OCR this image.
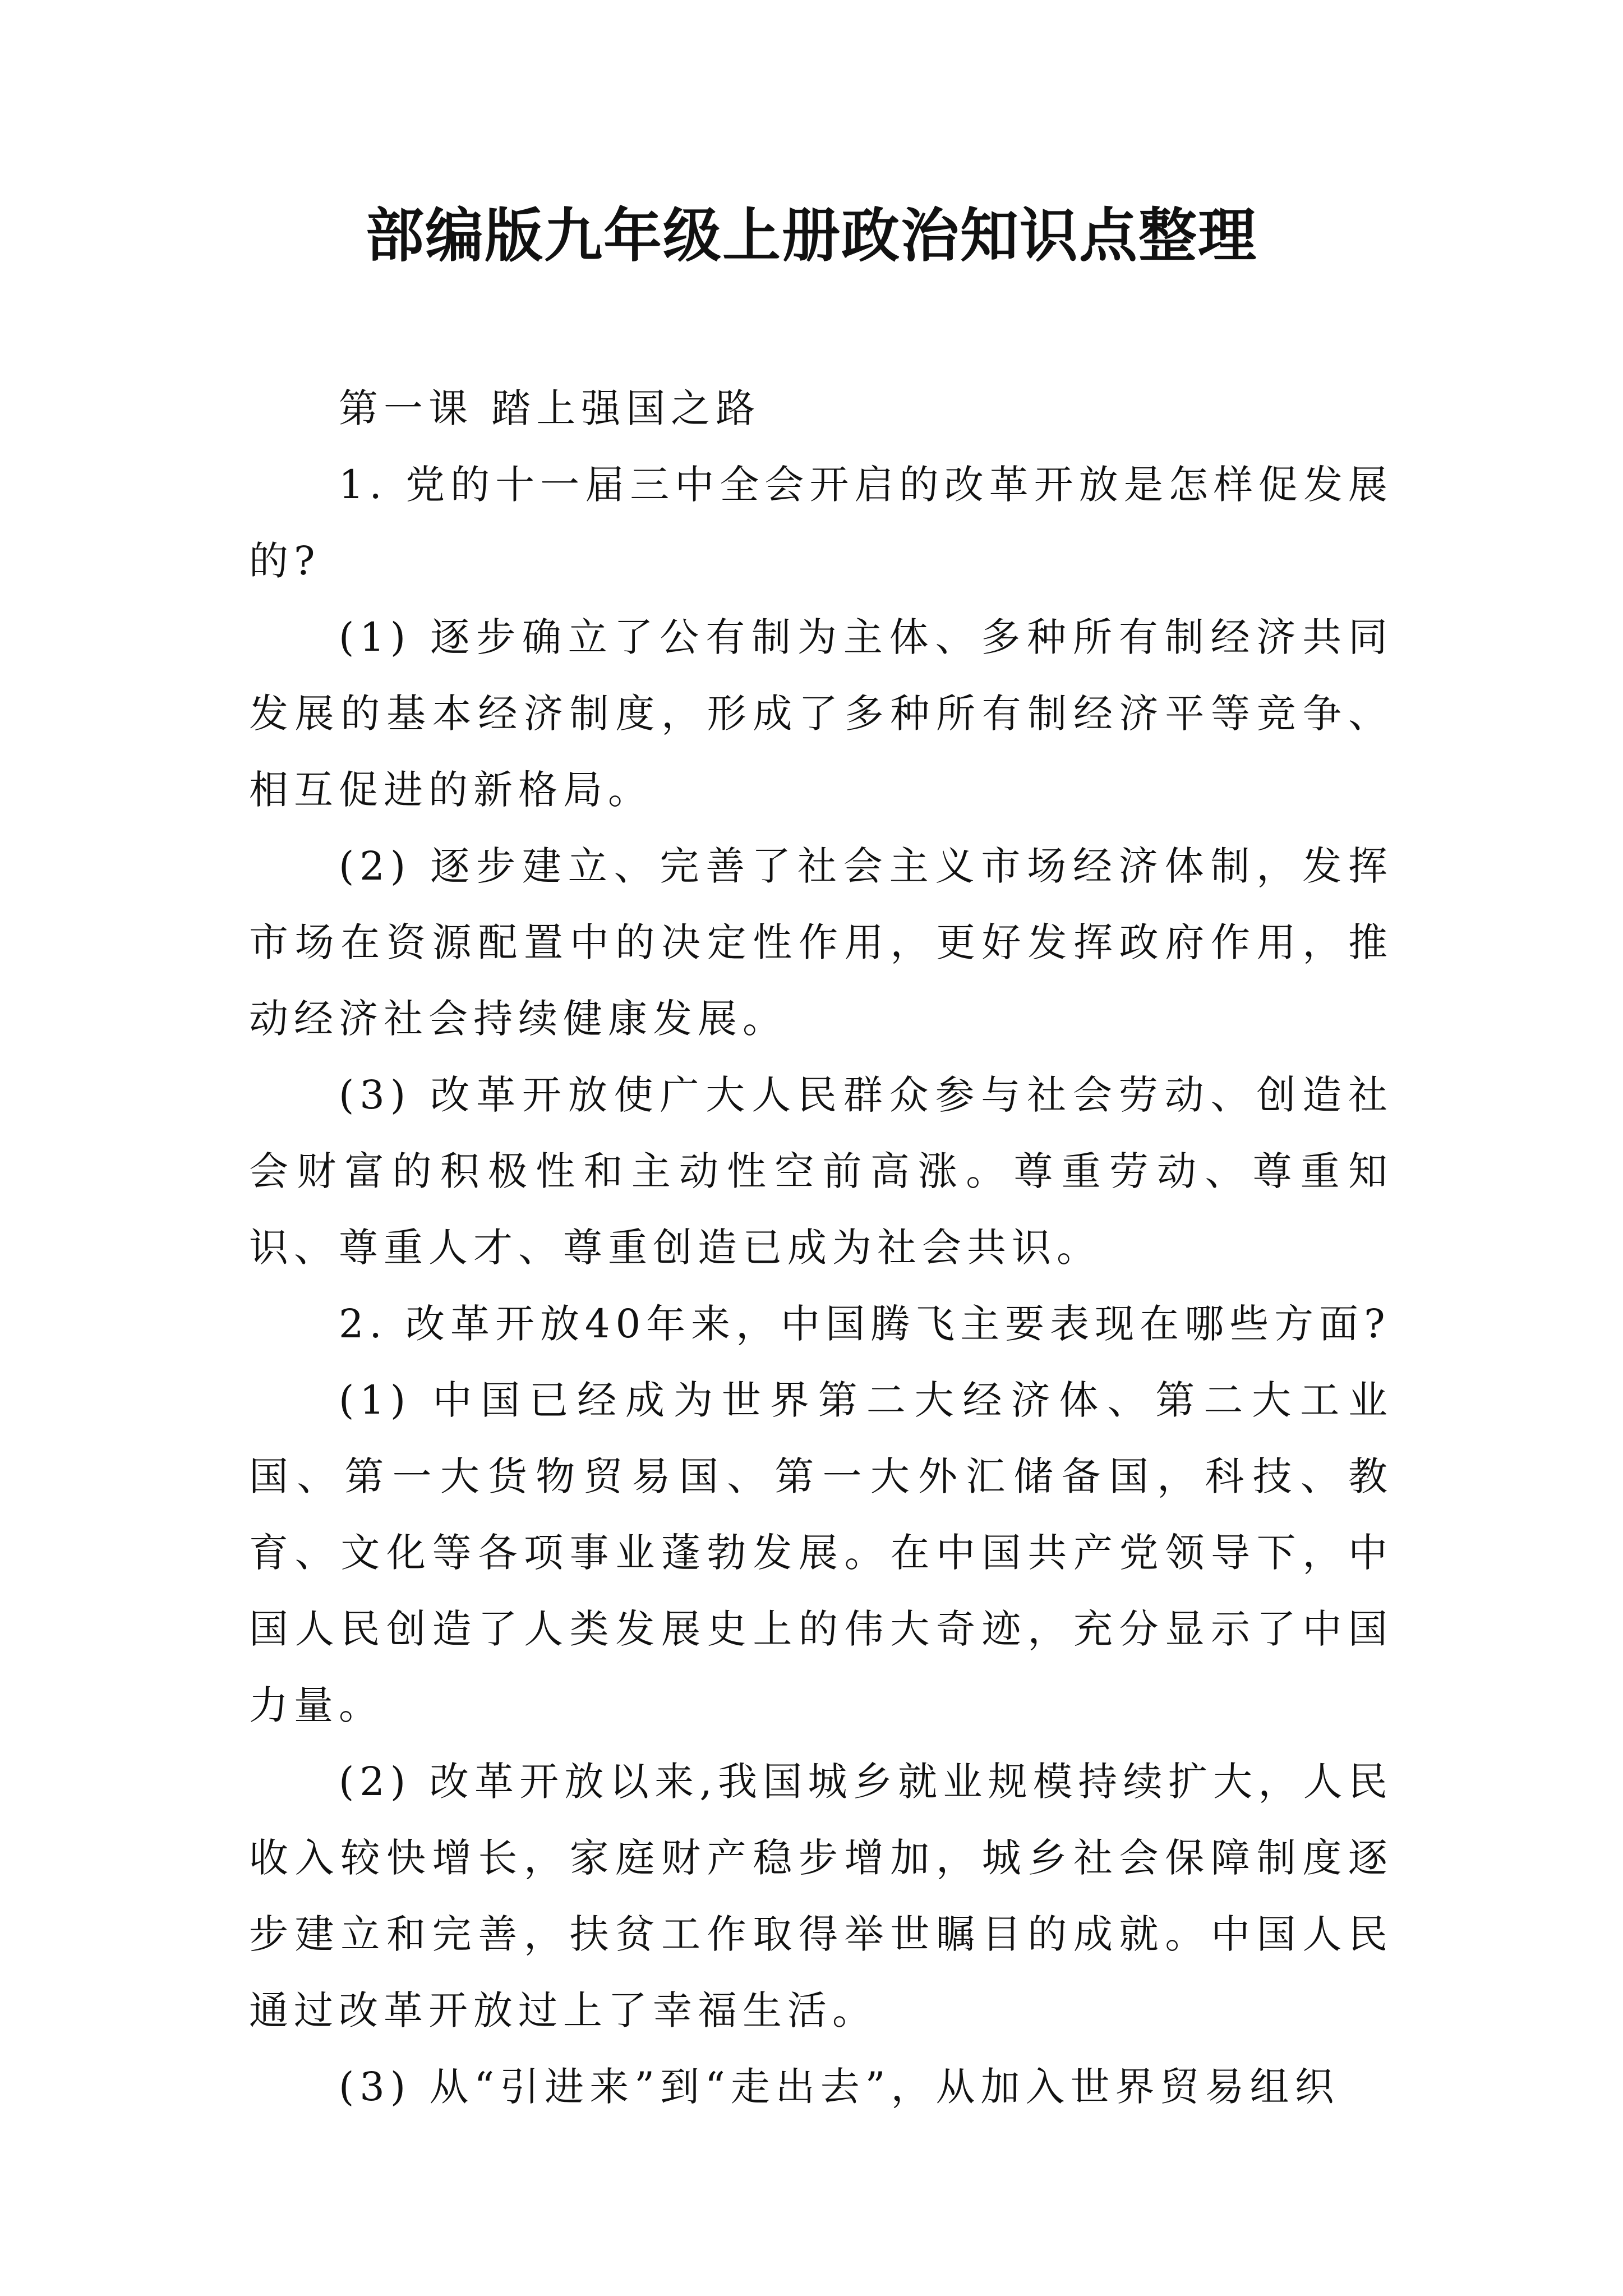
部编版九年级上册政治知识点整理

第一课 踏上强国之路

1. 党的十一届三中全会开启的改革开放是怎样促发展的?

(1) 逐步确立了公有制为主体、多种所有制经济共同发展的基本经济制度，形成了多种所有制经济平等竞争、相互促进的新格局。

(2) 逐步建立、完善了社会主义市场经济体制，发挥市场在资源配置中的决定性作用，更好发挥政府作用，推动经济社会持续健康发展。

(3) 改革开放使广大人民群众参与社会劳动、创造社会财富的积极性和主动性空前高涨。尊重劳动、尊重知识、尊重人才、尊重创造已成为社会共识。

2. 改革开放40年来，中国腾飞主要表现在哪些方面?

(1) 中国已经成为世界第二大经济体、第二大工业国、第一大货物贸易国、第一大外汇储备国，科技、教育、文化等各项事业蓬勃发展。在中国共产党领导下，中国人民创造了人类发展史上的伟大奇迹，充分显示了中国力量。

(2) 改革开放以来,我国城乡就业规模持续扩大，人民收入较快增长，家庭财产稳步增加，城乡社会保障制度逐步建立和完善，扶贫工作取得举世瞩目的成就。中国人民通过改革开放过上了幸福生活。

(3) 从“引进来”到“走出去”，从加入世界贸易组织
